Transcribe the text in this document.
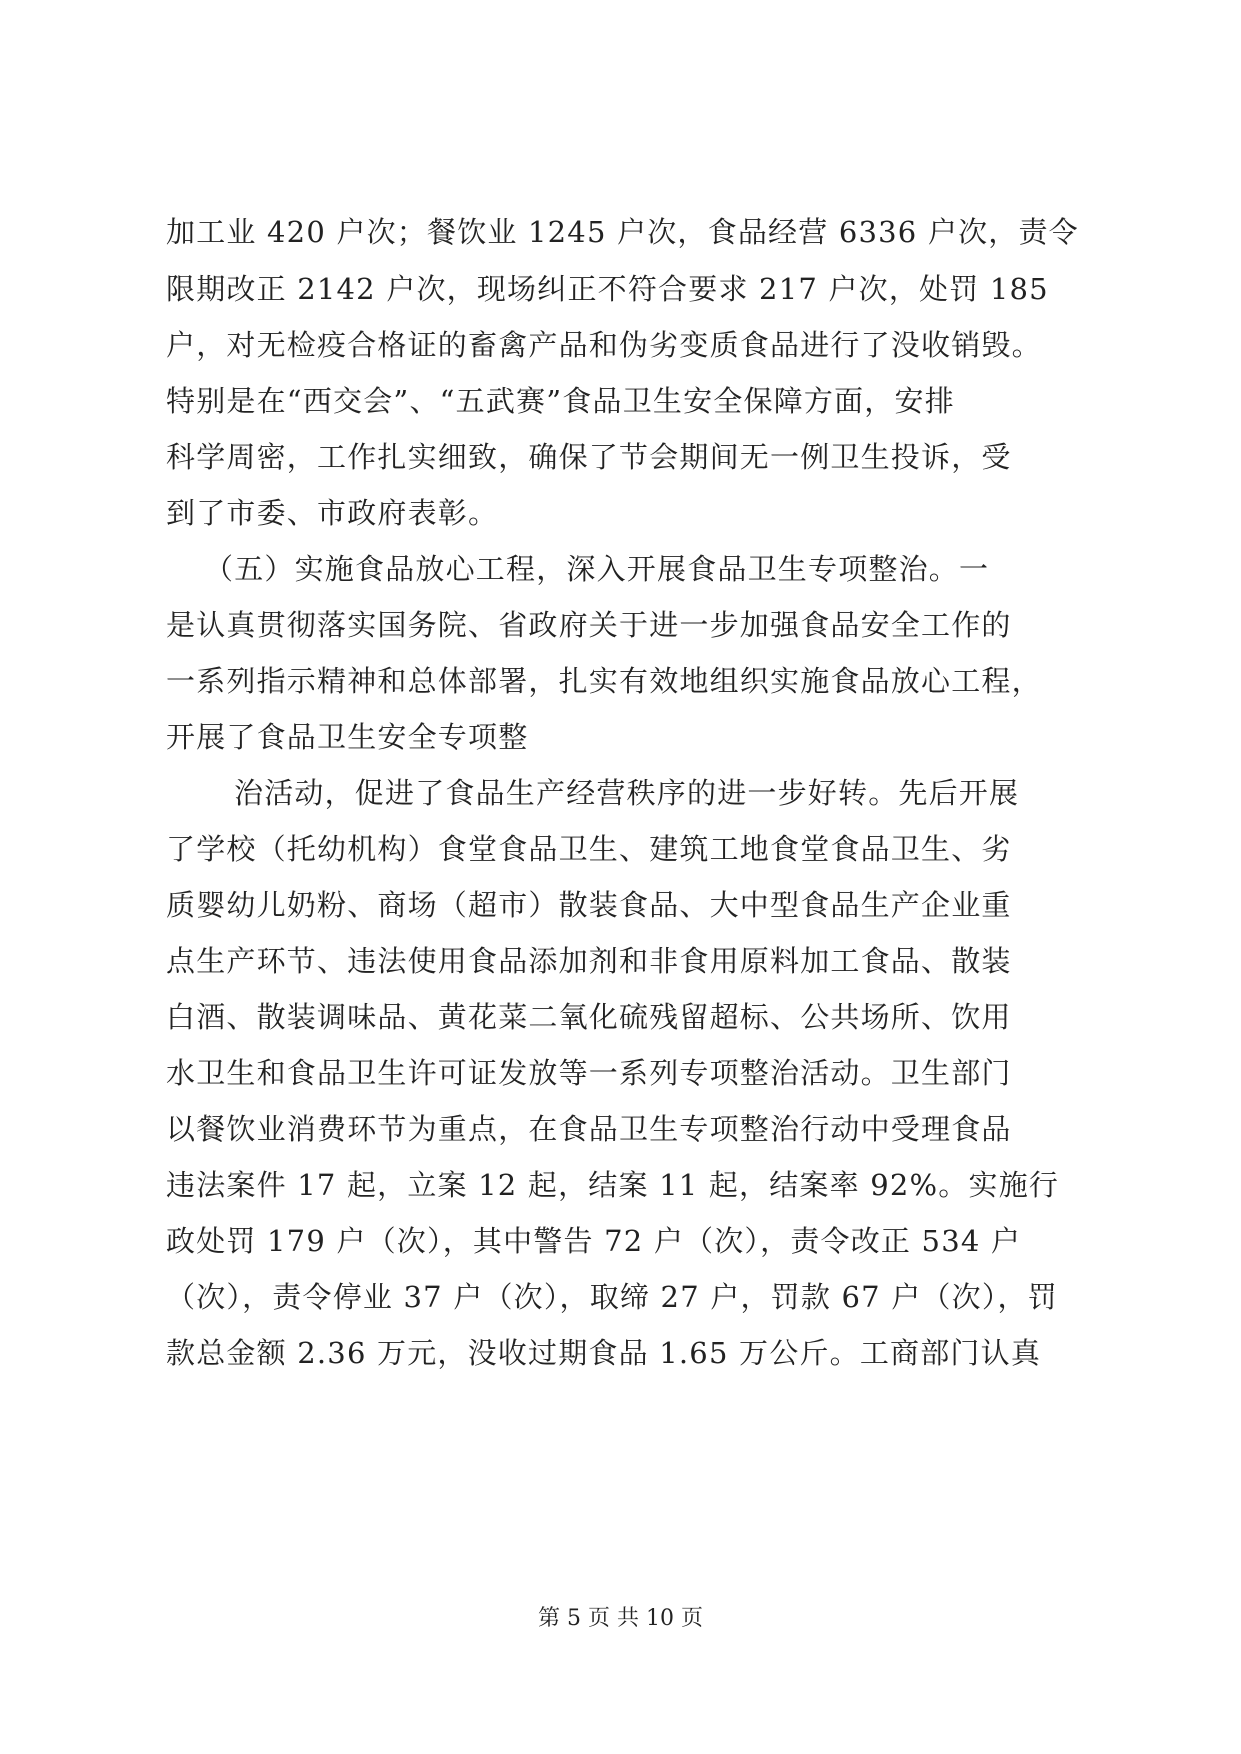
加工业 420 户次；餐饮业 1245 户次，食品经营 6336 户次，责令

限期改正 2142 户次，现场纠正不符合要求 217 户次，处罚 185

户，对无检疫合格证的畜禽产品和伪劣变质食品进行了没收销毁。

特别是在“西交会”、“五武赛”食品卫生安全保障方面，安排

科学周密，工作扎实细致，确保了节会期间无一例卫生投诉，受

到了市委、市政府表彰。

（五）实施食品放心工程，深入开展食品卫生专项整治。一

是认真贯彻落实国务院、省政府关于进一步加强食品安全工作的

一系列指示精神和总体部署，扎实有效地组织实施食品放心工程，

开展了食品卫生安全专项整

治活动，促进了食品生产经营秩序的进一步好转。先后开展

了学校（托幼机构）食堂食品卫生、建筑工地食堂食品卫生、劣

质婴幼儿奶粉、商场（超市）散装食品、大中型食品生产企业重

点生产环节、违法使用食品添加剂和非食用原料加工食品、散装

白酒、散装调味品、黄花菜二氧化硫残留超标、公共场所、饮用

水卫生和食品卫生许可证发放等一系列专项整治活动。卫生部门

以餐饮业消费环节为重点，在食品卫生专项整治行动中受理食品

违法案件 17 起，立案 12 起，结案 11 起，结案率 92%。实施行

政处罚 179 户（次），其中警告 72 户（次），责令改正 534 户

（次），责令停业 37 户（次），取缔 27 户，罚款 67 户（次），罚

款总金额 2.36 万元，没收过期食品 1.65 万公斤。工商部门认真

第 5 页 共 10 页
